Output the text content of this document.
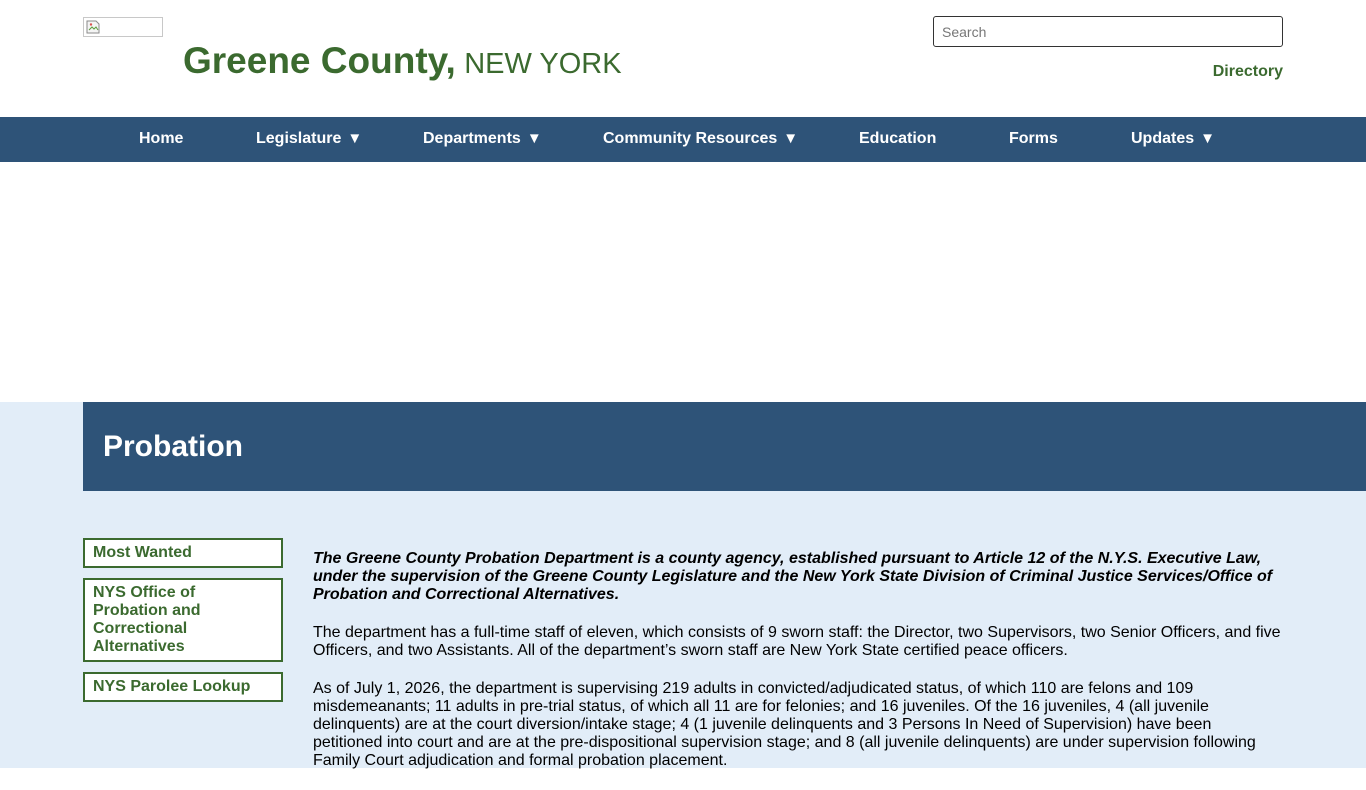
Greene County, NEW YORK
Search	Directory
Home	Legislature ▼	Departments ▼	Community Resources ▼	Education	Forms	Updates ▼
Probation
Most Wanted
NYS Office of Probation and Correctional Alternatives
NYS Parolee Lookup

The Greene County Probation Department is a county agency, established pursuant to Article 12 of the N.Y.S. Executive Law, under the supervision of the Greene County Legislature and the New York State Division of Criminal Justice Services/Office of Probation and Correctional Alternatives.

The department has a full-time staff of eleven, which consists of 9 sworn staff: the Director, two Supervisors, two Senior Officers, and five Officers, and two Assistants. All of the department’s sworn staff are New York State certified peace officers.

As of July 1, 2026, the department is supervising 219 adults in convicted/adjudicated status, of which 110 are felons and 109 misdemeanants; 11 adults in pre-trial status, of which all 11 are for felonies; and 16 juveniles. Of the 16 juveniles, 4 (all juvenile delinquents) are at the court diversion/intake stage; 4 (1 juvenile delinquents and 3 Persons In Need of Supervision) have been petitioned into court and are at the pre-dispositional supervision stage; and 8 (all juvenile delinquents) are under supervision following Family Court adjudication and formal probation placement.
